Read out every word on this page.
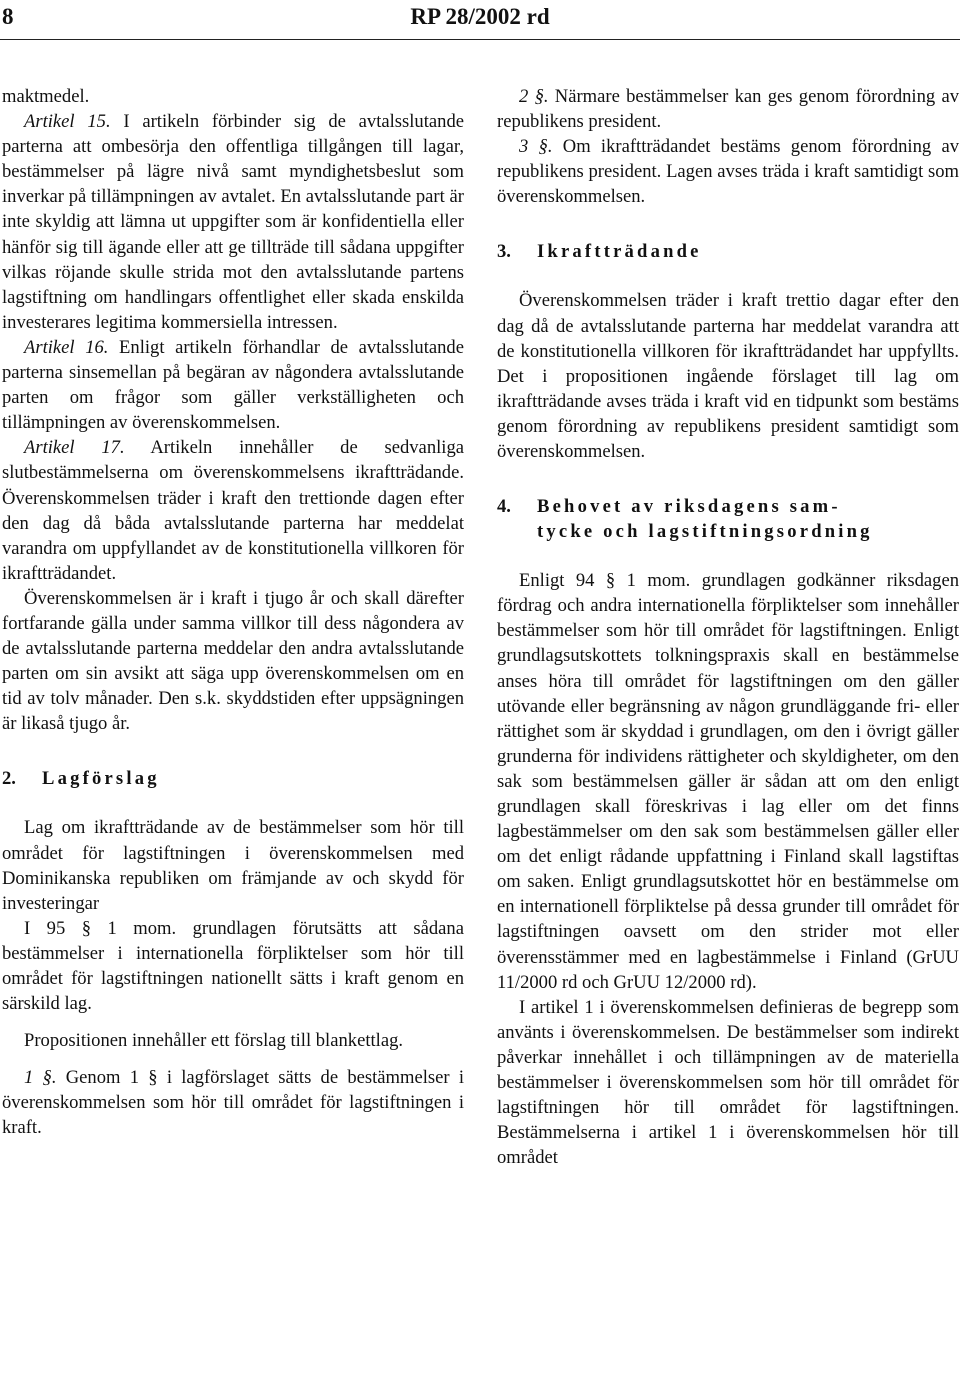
8	RP 28/2002 rd

maktmedel.

Artikel 15. I artikeln förbinder sig de avtalsslutande parterna att ombesörja den offentliga tillgången till lagar, bestämmelser på lägre nivå samt myndighetsbeslut som inverkar på tillämpningen av avtalet. En avtalsslutande part är inte skyldig att lämna ut uppgifter som är konfidentiella eller hänför sig till ägande eller att ge tillträde till sådana uppgifter vilkas röjande skulle strida mot den avtalsslutande partens lagstiftning om handlingars offentlighet eller skada enskilda investerares legitima kommersiella intressen.

Artikel 16. Enligt artikeln förhandlar de avtalsslutande parterna sinsemellan på begäran av någondera avtalsslutande parten om frågor som gäller verkställigheten och tillämpningen av överenskommelsen.

Artikel 17. Artikeln innehåller de sedvanliga slutbestämmelserna om överenskommelsens ikraftträdande. Överenskommelsen träder i kraft den trettionde dagen efter den dag då båda avtalsslutande parterna har meddelat varandra om uppfyllandet av de konstitutionella villkoren för ikraftträdandet.

Överenskommelsen är i kraft i tjugo år och skall därefter fortfarande gälla under samma villkor till dess någondera av de avtalsslutande parterna meddelar den andra avtalsslutande parten om sin avsikt att säga upp överenskommelsen om en tid av tolv månader. Den s.k. skyddstiden efter uppsägningen är likaså tjugo år.

2. Lagförslag

Lag om ikraftträdande av de bestämmelser som hör till området för lagstiftningen i överenskommelsen med Dominikanska republiken om främjande av och skydd för investeringar

I 95 § 1 mom. grundlagen förutsätts att sådana bestämmelser i internationella förpliktelser som hör till området för lagstiftningen nationellt sätts i kraft genom en särskild lag.

Propositionen innehåller ett förslag till blankettlag.

1 §. Genom 1 § i lagförslaget sätts de bestämmelser i överenskommelsen som hör till området för lagstiftningen i kraft.

2 §. Närmare bestämmelser kan ges genom förordning av republikens president.

3 §. Om ikraftträdandet bestäms genom förordning av republikens president. Lagen avses träda i kraft samtidigt som överenskommelsen.

3. Ikraftträdande

Överenskommelsen träder i kraft trettio dagar efter den dag då de avtalsslutande parterna har meddelat varandra att de konstitutionella villkoren för ikraftträdandet har uppfyllts. Det i propositionen ingående förslaget till lag om ikraftträdande avses träda i kraft vid en tidpunkt som bestäms genom förordning av republikens president samtidigt som överenskommelsen.

4. Behovet av riksdagens sam-
tycke och lagstiftningsordning

Enligt 94 § 1 mom. grundlagen godkänner riksdagen fördrag och andra internationella förpliktelser som innehåller bestämmelser som hör till området för lagstiftningen. Enligt grundlagsutskottets tolkningspraxis skall en bestämmelse anses höra till området för lagstiftningen om den gäller utövande eller begränsning av någon grundläggande fri- eller rättighet som är skyddad i grundlagen, om den i övrigt gäller grunderna för individens rättigheter och skyldigheter, om den sak som bestämmelsen gäller är sådan att om den enligt grundlagen skall föreskrivas i lag eller om det finns lagbestämmelser om den sak som bestämmelsen gäller eller om det enligt rådande uppfattning i Finland skall lagstiftas om saken. Enligt grundlagsutskottet hör en bestämmelse om en internationell förpliktelse på dessa grunder till området för lagstiftningen oavsett om den strider mot eller överensstämmer med en lagbestämmelse i Finland (GrUU 11/2000 rd och GrUU 12/2000 rd).

I artikel 1 i överenskommelsen definieras de begrepp som använts i överenskommelsen. De bestämmelser som indirekt påverkar innehållet i och tillämpningen av de materiella bestämmelser i överenskommelsen som hör till området för lagstiftningen hör till området för lagstiftningen. Bestämmelserna i artikel 1 i överenskommelsen hör till området
